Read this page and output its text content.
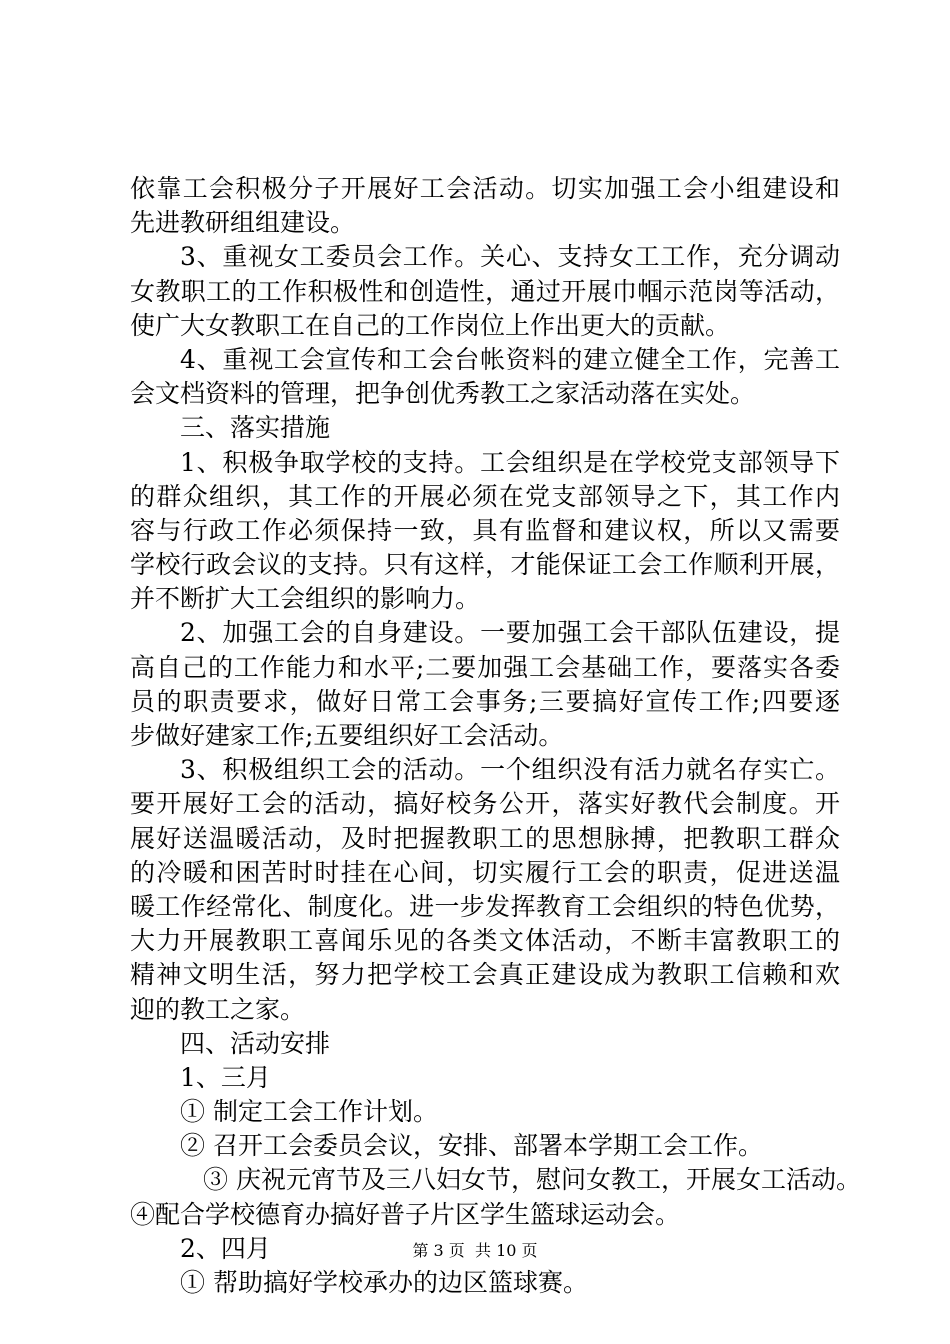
依靠工会积极分子开展好工会活动。切实加强工会小组建设和
先进教研组组建设。
3、重视女工委员会工作。关心、支持女工工作，充分调动
女教职工的工作积极性和创造性，通过开展巾帼示范岗等活动，
使广大女教职工在自己的工作岗位上作出更大的贡献。
4、重视工会宣传和工会台帐资料的建立健全工作，完善工
会文档资料的管理，把争创优秀教工之家活动落在实处。
三、落实措施
1、积极争取学校的支持。工会组织是在学校党支部领导下
的群众组织，其工作的开展必须在党支部领导之下，其工作内
容与行政工作必须保持一致，具有监督和建议权，所以又需要
学校行政会议的支持。只有这样，才能保证工会工作顺利开展，
并不断扩大工会组织的影响力。
2、加强工会的自身建设。一要加强工会干部队伍建设，提
高自己的工作能力和水平;二要加强工会基础工作，要落实各委
员的职责要求，做好日常工会事务;三要搞好宣传工作;四要逐
步做好建家工作;五要组织好工会活动。
3、积极组织工会的活动。一个组织没有活力就名存实亡。
要开展好工会的活动，搞好校务公开，落实好教代会制度。开
展好送温暖活动，及时把握教职工的思想脉搏，把教职工群众
的冷暖和困苦时时挂在心间，切实履行工会的职责，促进送温
暖工作经常化、制度化。进一步发挥教育工会组织的特色优势，
大力开展教职工喜闻乐见的各类文体活动，不断丰富教职工的
精神文明生活，努力把学校工会真正建设成为教职工信赖和欢
迎的教工之家。
四、活动安排
1、三月
① 制定工会工作计划。
② 召开工会委员会议，安排、部署本学期工会工作。
③ 庆祝元宵节及三八妇女节，慰问女教工，开展女工活动。
④配合学校德育办搞好普子片区学生篮球运动会。
2、四月
① 帮助搞好学校承办的边区篮球赛。
第 3 页 共 10 页
